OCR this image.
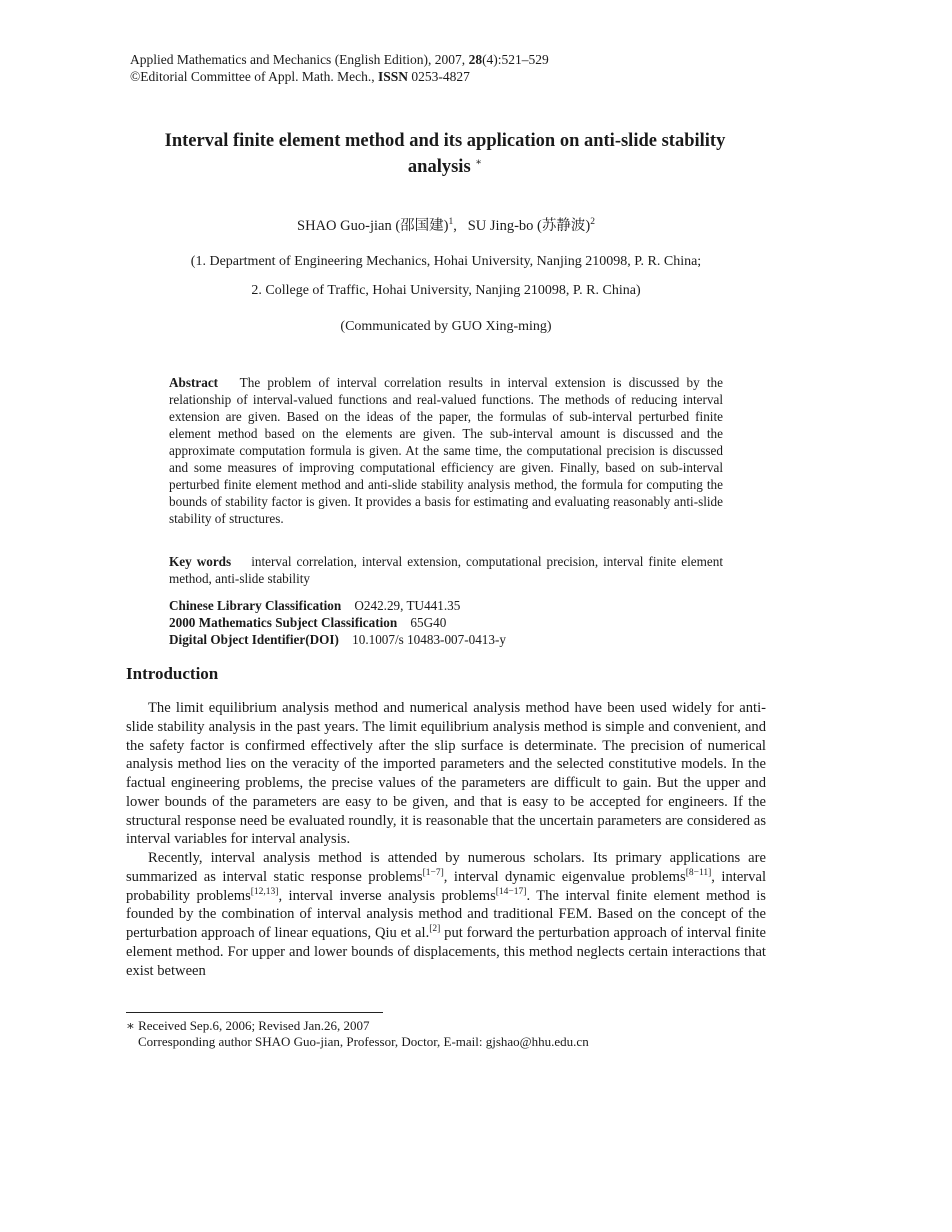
Applied Mathematics and Mechanics (English Edition), 2007, 28(4):521–529
©Editorial Committee of Appl. Math. Mech., ISSN 0253-4827
Interval finite element method and its application on anti-slide stability analysis ∗
SHAO Guo-jian (邵国建)$^1$,   SU Jing-bo (苏静波)$^2$
(1. Department of Engineering Mechanics, Hohai University, Nanjing 210098, P. R. China;
2. College of Traffic, Hohai University, Nanjing 210098, P. R. China)
(Communicated by GUO Xing-ming)
Abstract The problem of interval correlation results in interval extension is discussed by the relationship of interval-valued functions and real-valued functions. The methods of reducing interval extension are given. Based on the ideas of the paper, the formulas of sub-interval perturbed finite element method based on the elements are given. The sub-interval amount is discussed and the approximate computation formula is given. At the same time, the computational precision is discussed and some measures of improving computational efficiency are given. Finally, based on sub-interval perturbed finite element method and anti-slide stability analysis method, the formula for computing the bounds of stability factor is given. It provides a basis for estimating and evaluating reasonably anti-slide stability of structures.
Key words interval correlation, interval extension, computational precision, interval finite element method, anti-slide stability
Chinese Library Classification O242.29, TU441.35
2000 Mathematics Subject Classification 65G40
Digital Object Identifier(DOI) 10.1007/s 10483-007-0413-y
Introduction

The limit equilibrium analysis method and numerical analysis method have been used widely for anti-slide stability analysis in the past years. The limit equilibrium analysis method is simple and convenient, and the safety factor is confirmed effectively after the slip surface is determinate. The precision of numerical analysis method lies on the veracity of the imported parameters and the selected constitutive models. In the factual engineering problems, the precise values of the parameters are difficult to gain. But the upper and lower bounds of the parameters are easy to be given, and that is easy to be accepted for engineers. If the structural response need be evaluated roundly, it is reasonable that the uncertain parameters are considered as interval variables for interval analysis.

Recently, interval analysis method is attended by numerous scholars. Its primary applications are summarized as interval static response problems[1−7], interval dynamic eigenvalue problems[8−11], interval probability problems[12,13], interval inverse analysis problems[14−17]. The interval finite element method is founded by the combination of interval analysis method and traditional FEM. Based on the concept of the perturbation approach of linear equations, Qiu et al.[2] put forward the perturbation approach of interval finite element method. For upper and lower bounds of displacements, this method neglects certain interactions that exist between

∗ Received Sep.6, 2006; Revised Jan.26, 2007
Corresponding author SHAO Guo-jian, Professor, Doctor, E-mail: gjshao@hhu.edu.cn
